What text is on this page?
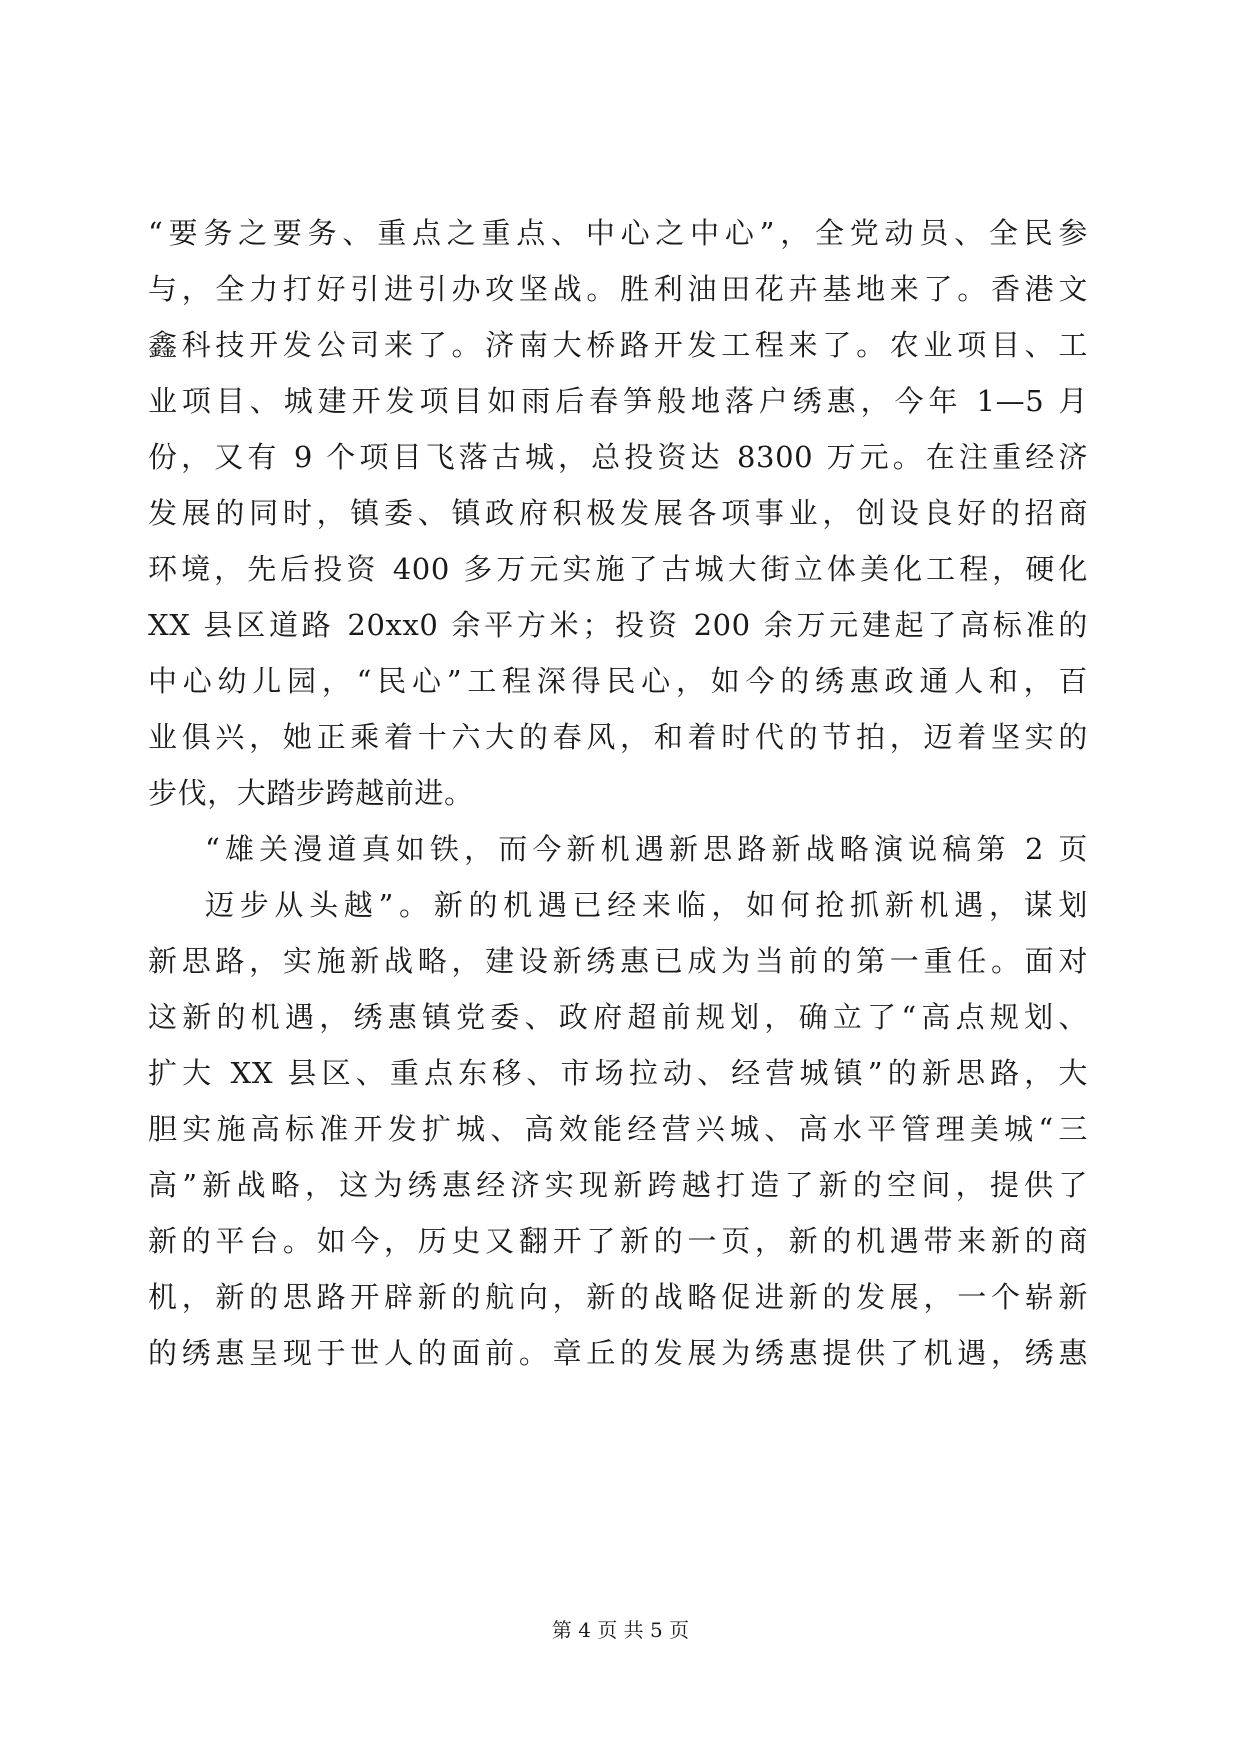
“要务之要务、重点之重点、中心之中心”，全党动员、全民参
与，全力打好引进引办攻坚战。胜利油田花卉基地来了。香港文
鑫科技开发公司来了。济南大桥路开发工程来了。农业项目、工
业项目、城建开发项目如雨后春笋般地落户绣惠，今年 1—5 月
份，又有 9 个项目飞落古城，总投资达 8300 万元。在注重经济
发展的同时，镇委、镇政府积极发展各项事业，创设良好的招商
环境，先后投资 400 多万元实施了古城大街立体美化工程，硬化
XX 县区道路 20xx0 余平方米；投资 200 余万元建起了高标准的
中心幼儿园，“民心”工程深得民心，如今的绣惠政通人和，百
业俱兴，她正乘着十六大的春风，和着时代的节拍，迈着坚实的
步伐，大踏步跨越前进。
“雄关漫道真如铁，而今新机遇新思路新战略演说稿第 2 页
迈步从头越”。新的机遇已经来临，如何抢抓新机遇，谋划
新思路，实施新战略，建设新绣惠已成为当前的第一重任。面对
这新的机遇，绣惠镇党委、政府超前规划，确立了“高点规划、
扩大 XX 县区、重点东移、市场拉动、经营城镇”的新思路，大
胆实施高标准开发扩城、高效能经营兴城、高水平管理美城“三
高”新战略，这为绣惠经济实现新跨越打造了新的空间，提供了
新的平台。如今，历史又翻开了新的一页，新的机遇带来新的商
机，新的思路开辟新的航向，新的战略促进新的发展，一个崭新
的绣惠呈现于世人的面前。章丘的发展为绣惠提供了机遇，绣惠
第 4 页 共 5 页
